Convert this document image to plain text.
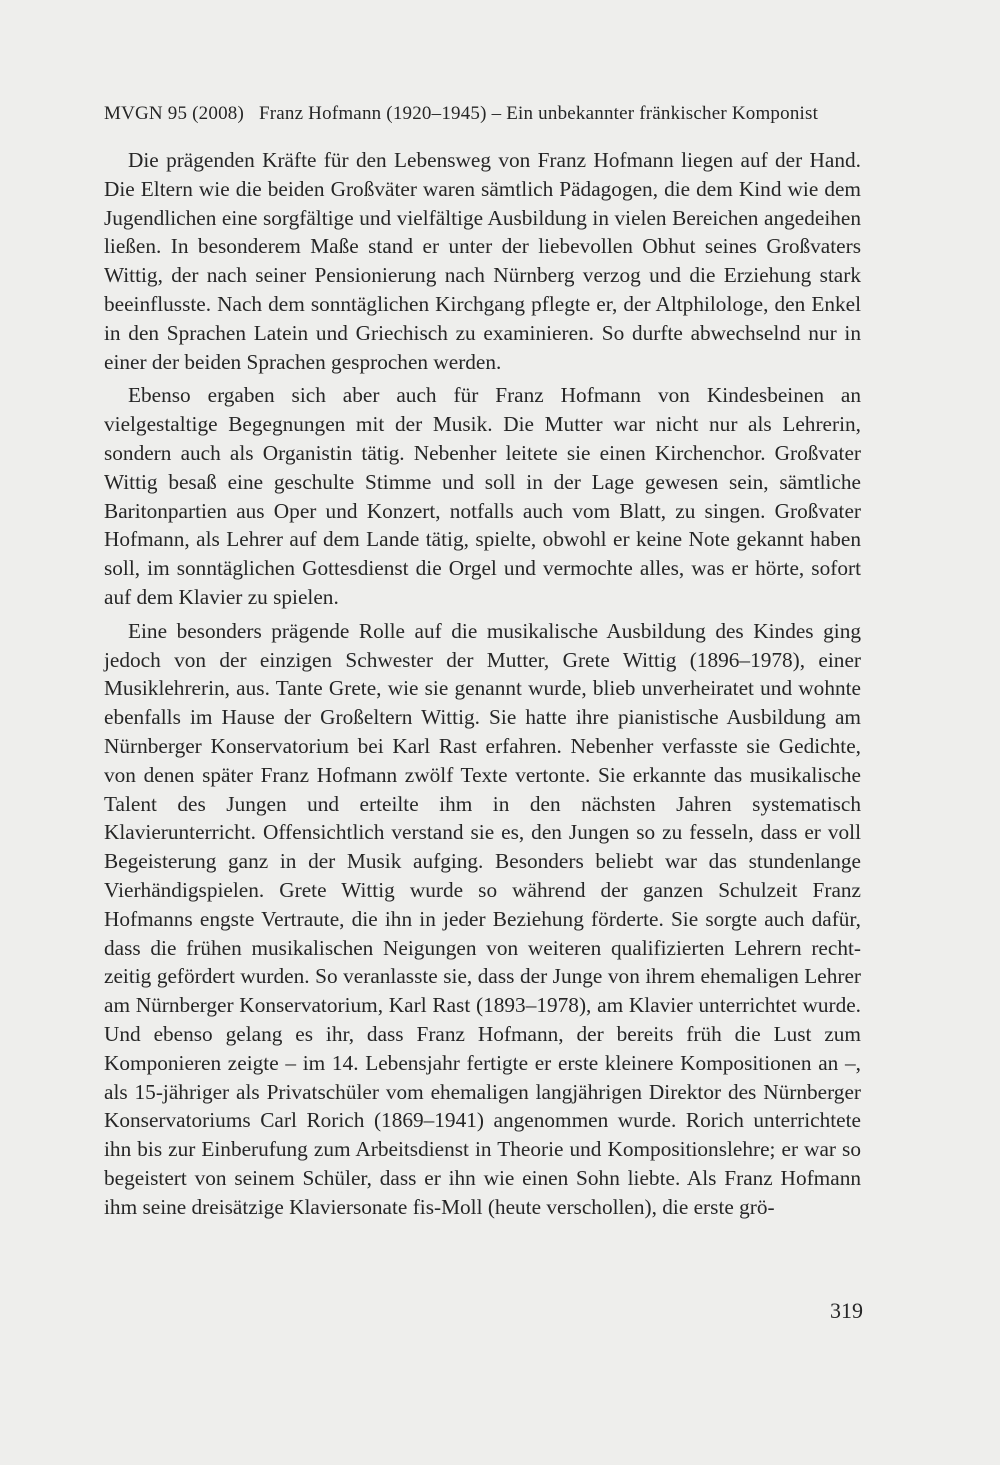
MVGN 95 (2008) Franz Hofmann (1920–1945) – Ein unbekannter fränkischer Komponist

Die prägenden Kräfte für den Lebensweg von Franz Hofmann liegen auf der Hand. Die Eltern wie die beiden Großväter waren sämtlich Pädagogen, die dem Kind wie dem Jugendlichen eine sorgfältige und vielfältige Ausbildung in vielen Bereichen angedeihen ließen. In besonderem Maße stand er unter der liebevollen Obhut seines Großvaters Wittig, der nach seiner Pensionierung nach Nürnberg verzog und die Erziehung stark beeinflusste. Nach dem sonntäglichen Kirchgang pflegte er, der Altphilologe, den Enkel in den Sprachen Latein und Griechisch zu examinieren. So durfte abwechselnd nur in einer der beiden Sprachen gesprochen werden.

Ebenso ergaben sich aber auch für Franz Hofmann von Kindesbeinen an vielgestaltige Begegnungen mit der Musik. Die Mutter war nicht nur als Lehrerin, sondern auch als Organistin tätig. Nebenher leitete sie einen Kirchenchor. Großvater Wittig besaß eine geschulte Stimme und soll in der Lage gewesen sein, sämtliche Baritonpartien aus Oper und Konzert, notfalls auch vom Blatt, zu singen. Großvater Hofmann, als Lehrer auf dem Lande tätig, spielte, obwohl er keine Note gekannt haben soll, im sonntäglichen Gottesdienst die Orgel und vermochte alles, was er hörte, sofort auf dem Klavier zu spielen.

Eine besonders prägende Rolle auf die musikalische Ausbildung des Kindes ging jedoch von der einzigen Schwester der Mutter, Grete Wittig (1896–1978), einer Musiklehrerin, aus. Tante Grete, wie sie genannt wurde, blieb unverheiratet und wohnte ebenfalls im Hause der Großeltern Wittig. Sie hatte ihre pianistische Ausbildung am Nürnberger Konservatorium bei Karl Rast erfahren. Nebenher verfasste sie Gedichte, von denen später Franz Hofmann zwölf Texte vertonte. Sie erkannte das musikalische Talent des Jungen und erteilte ihm in den nächsten Jahren systematisch Klavierunterricht. Offensichtlich verstand sie es, den Jungen so zu fesseln, dass er voll Begeisterung ganz in der Musik aufging. Besonders beliebt war das stundenlange Vierhändigspielen. Grete Wittig wurde so während der ganzen Schulzeit Franz Hofmanns engste Vertraute, die ihn in jeder Beziehung förderte. Sie sorgte auch dafür, dass die frühen musikalischen Neigungen von weiteren qualifizierten Lehrern rechtzeitig gefördert wurden. So veranlasste sie, dass der Junge von ihrem ehemaligen Lehrer am Nürnberger Konservatorium, Karl Rast (1893–1978), am Klavier unterrichtet wurde. Und ebenso gelang es ihr, dass Franz Hofmann, der bereits früh die Lust zum Komponieren zeigte – im 14. Lebensjahr fertigte er erste kleinere Kompositionen an –, als 15-jähriger als Privatschüler vom ehemaligen langjährigen Direktor des Nürnberger Konservatoriums Carl Rorich (1869–1941) angenommen wurde. Rorich unterrichtete ihn bis zur Einberufung zum Arbeitsdienst in Theorie und Kompositionslehre; er war so begeistert von seinem Schüler, dass er ihn wie einen Sohn liebte. Als Franz Hofmann ihm seine dreisätzige Klaviersonate fis-Moll (heute verschollen), die erste grö-

319
